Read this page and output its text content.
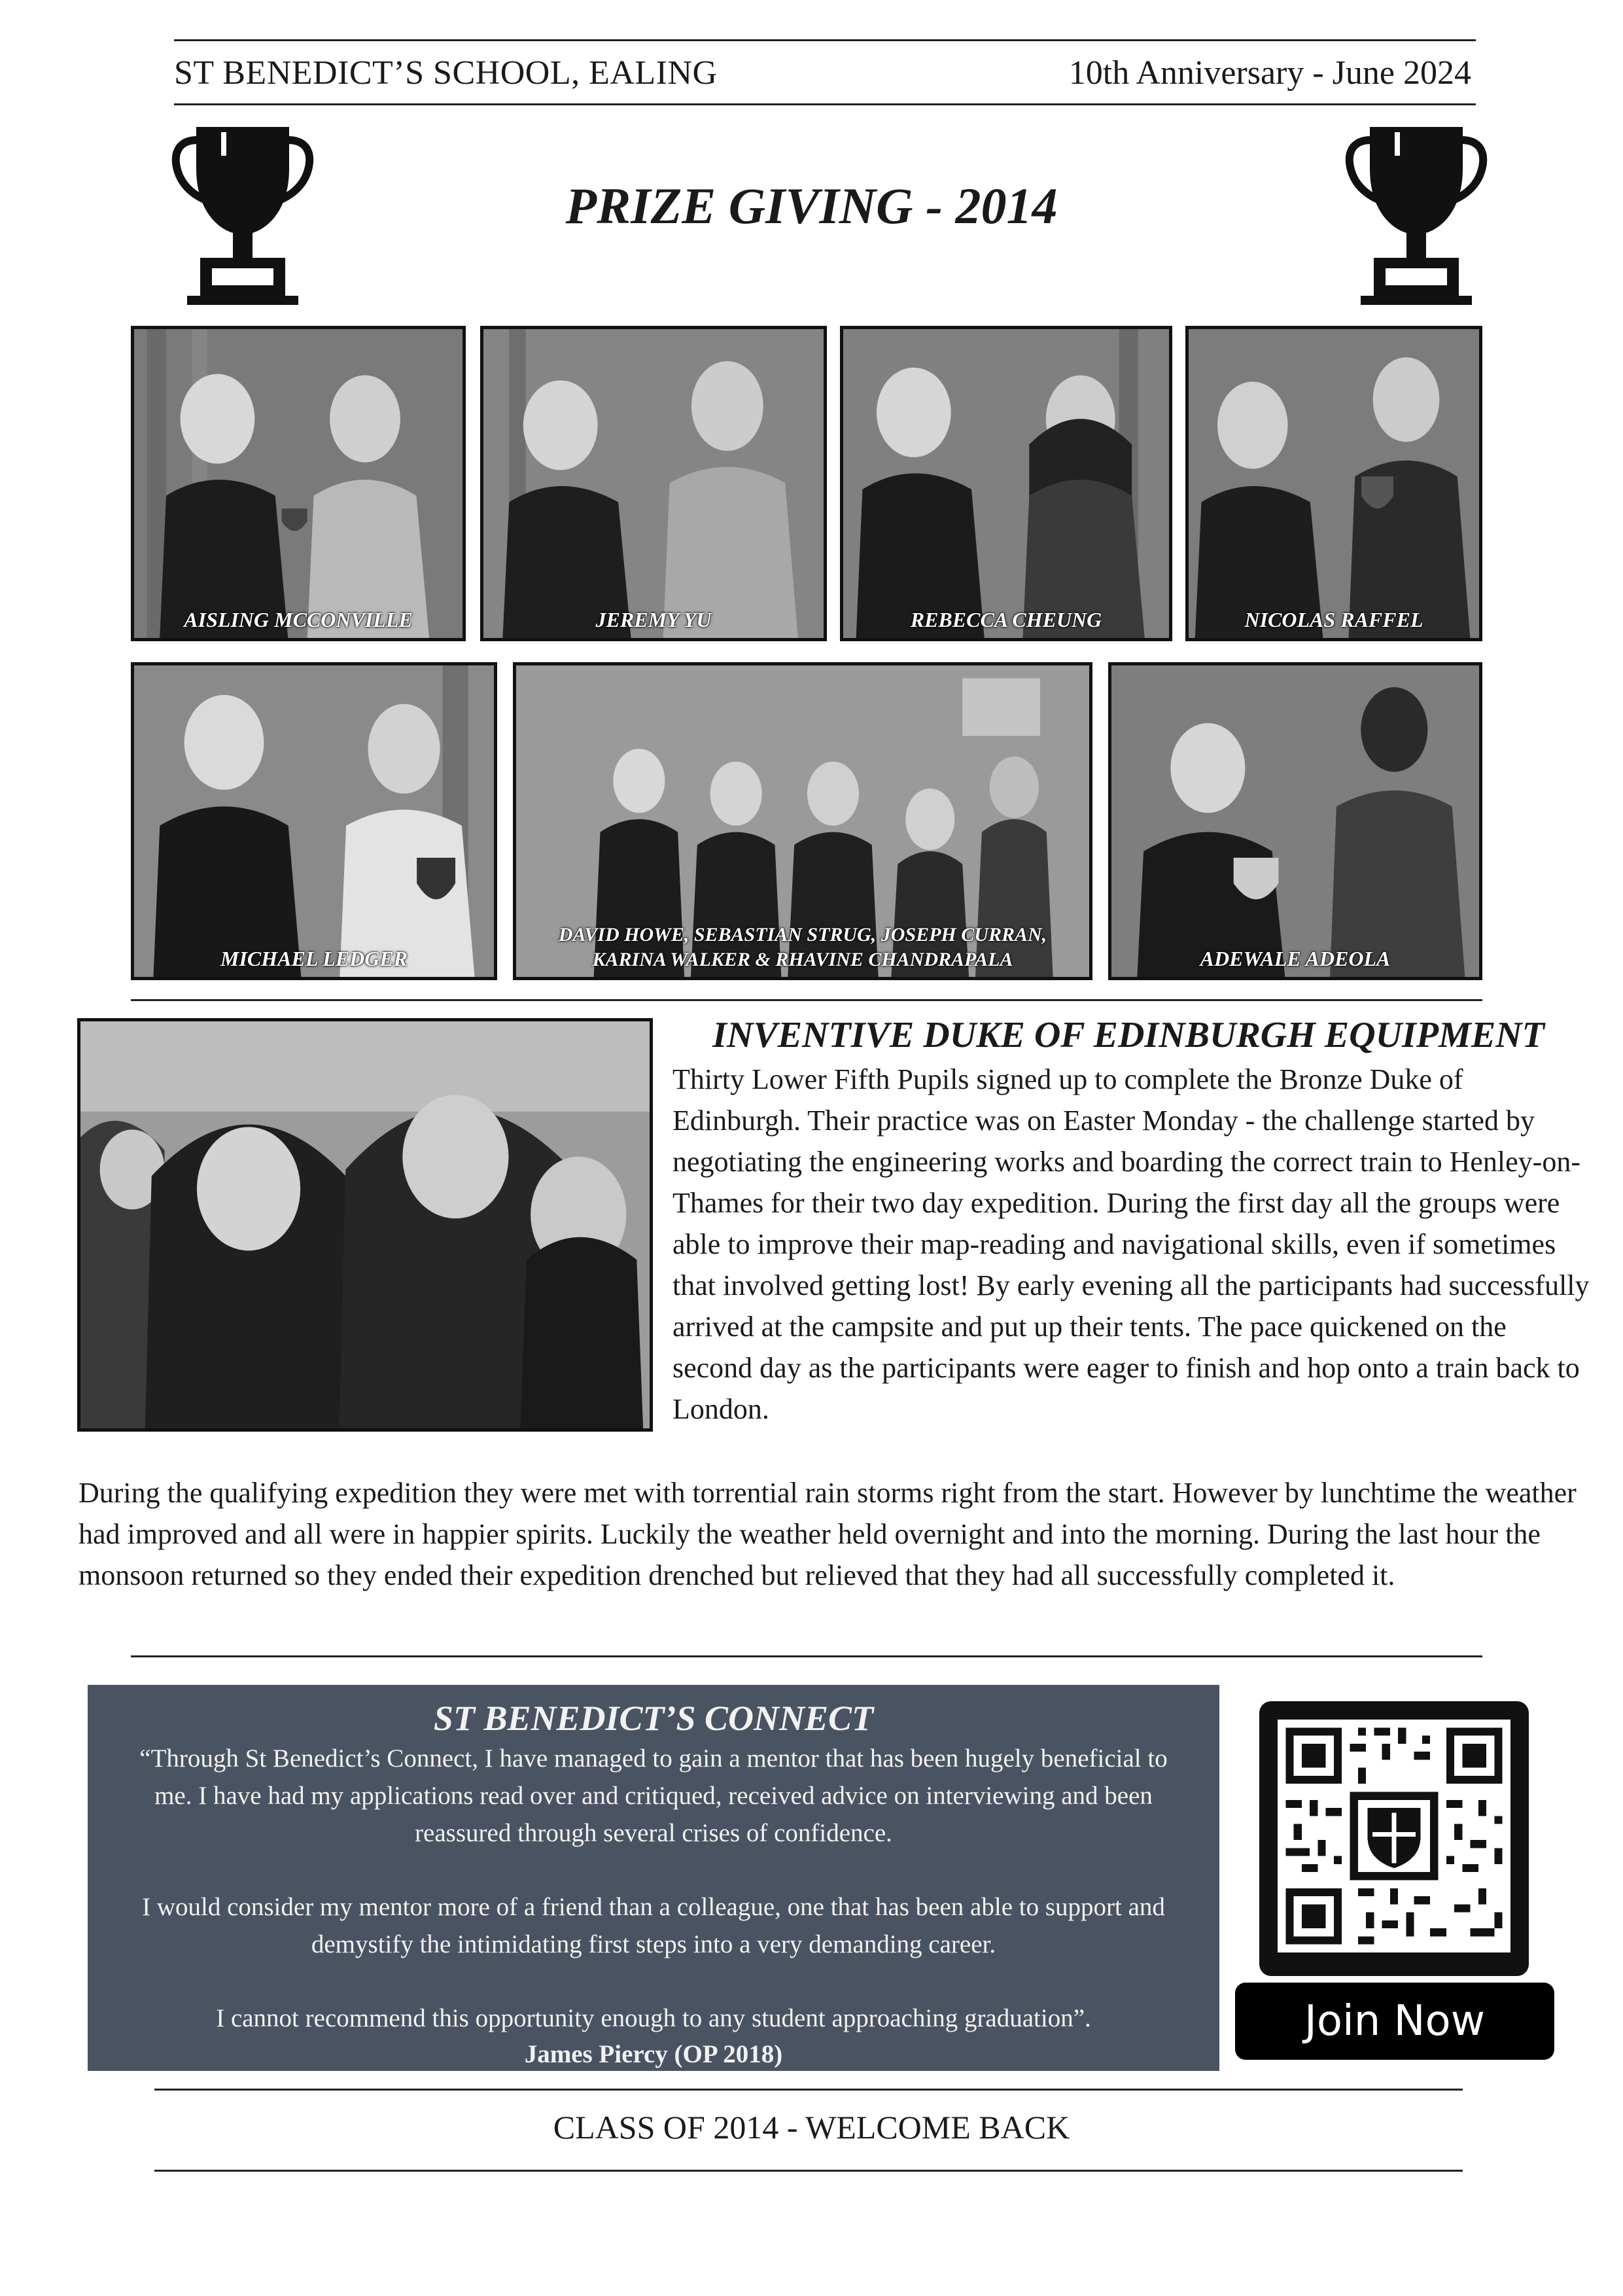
ST BENEDICT’S SCHOOL, EALING	10th Anniversary - June 2024
PRIZE GIVING - 2014
AISLING MCCONVILLE	JEREMY YU	REBECCA CHEUNG	NICOLAS RAFFEL
MICHAEL LEDGER
DAVID HOWE, SEBASTIAN STRUG, JOSEPH CURRAN,
KARINA WALKER & RHAVINE CHANDRAPALA	ADEWALE ADEOLA
INVENTIVE DUKE OF EDINBURGH EQUIPMENT
Thirty Lower Fifth Pupils signed up to complete the Bronze Duke of Edinburgh. Their practice was on Easter Monday - the challenge started by negotiating the engineering works and boarding the correct train to Henley-on-Thames for their two day expedition. During the first day all the groups were able to improve their map-reading and navigational skills, even if sometimes that involved getting lost! By early evening all the participants had successfully arrived at the campsite and put up their tents. The pace quickened on the second day as the participants were eager to finish and hop onto a train back to London.
During the qualifying expedition they were met with torrential rain storms right from the start. However by lunchtime the weather had improved and all were in happier spirits. Luckily the weather held overnight and into the morning. During the last hour the monsoon returned so they ended their expedition drenched but relieved that they had all successfully completed it.
ST BENEDICT’S CONNECT

“Through St Benedict’s Connect, I have managed to gain a mentor that has been hugely beneficial to me. I have had my applications read over and critiqued, received advice on interviewing and been reassured through several crises of confidence.

I would consider my mentor more of a friend than a colleague, one that has been able to support and demystify the intimidating first steps into a very demanding career.

I cannot recommend this opportunity enough to any student approaching graduation”.

James Piercy (OP 2018)
Join Now
CLASS OF 2014 - WELCOME BACK
